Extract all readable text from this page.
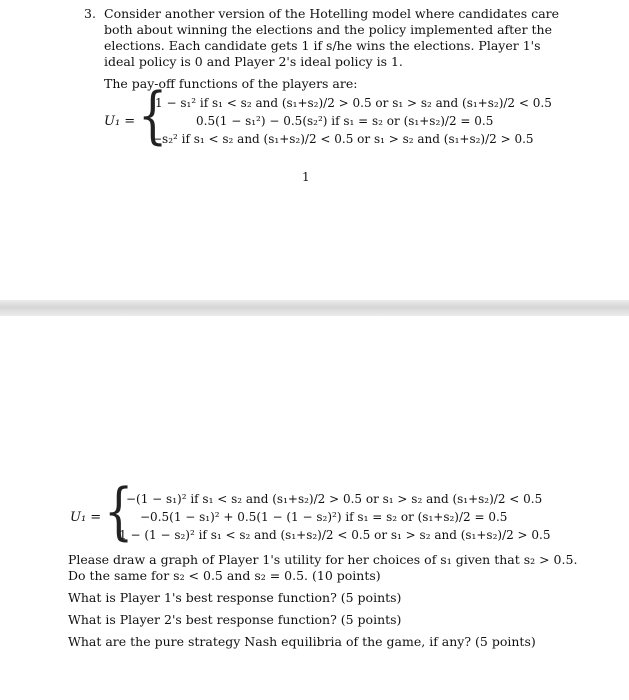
3. Consider another version of the Hotelling model where candidates care
both about winning the elections and the policy implemented after the
elections. Each candidate gets 1 if s/he wins the elections. Player 1's
ideal policy is 0 and Player 2's ideal policy is 1.
The pay-off functions of the players are:
U₁ = {
1 − s₁² if s₁ < s₂ and (s₁+s₂)/2 > 0.5 or s₁ > s₂ and (s₁+s₂)/2 < 0.5
0.5(1 − s₁²) − 0.5(s₂²) if s₁ = s₂ or (s₁+s₂)/2 = 0.5
−s₂² if s₁ < s₂ and (s₁+s₂)/2 < 0.5 or s₁ > s₂ and (s₁+s₂)/2 > 0.5
1
U₁ = {
−(1 − s₁)² if s₁ < s₂ and (s₁+s₂)/2 > 0.5 or s₁ > s₂ and (s₁+s₂)/2 < 0.5
−0.5(1 − s₁)² + 0.5(1 − (1 − s₂)²) if s₁ = s₂ or (s₁+s₂)/2 = 0.5
1 − (1 − s₂)² if s₁ < s₂ and (s₁+s₂)/2 < 0.5 or s₁ > s₂ and (s₁+s₂)/2 > 0.5
Please draw a graph of Player 1's utility for her choices of s₁ given that s₂ > 0.5.
Do the same for s₂ < 0.5 and s₂ = 0.5. (10 points)
What is Player 1's best response function? (5 points)
What is Player 2's best response function? (5 points)
What are the pure strategy Nash equilibria of the game, if any? (5 points)
